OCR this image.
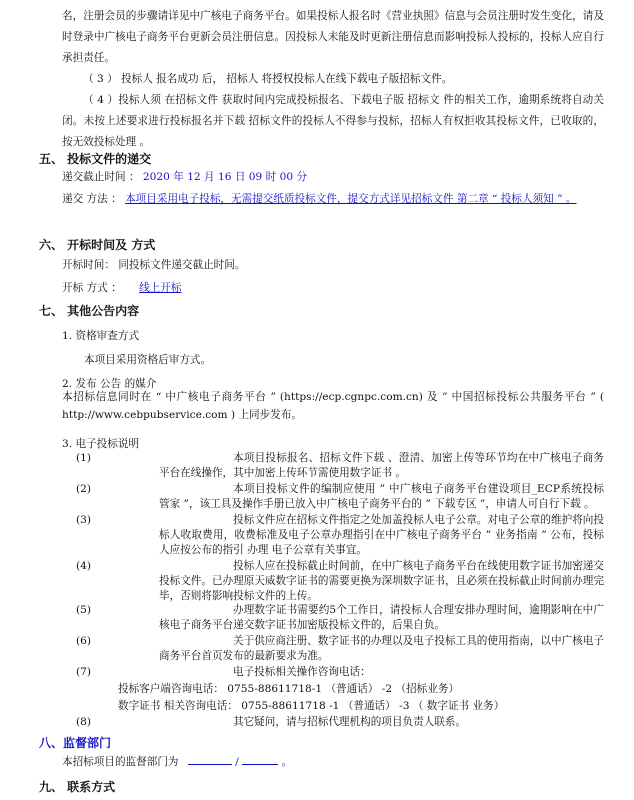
名，注册会员的步骤请详见中广核电子商务平台。如果投标人报名时《营业执照》信息与会员注册时发生变化，请及时登录中广核电子商务平台更新会员注册信息。因投标人未能及时更新注册信息而影响投标人投标的，投标人应自行承担责任。
（ 3 ） 投标人 报名成功 后， 招标人 将授权投标人在线下载电子版招标文件。
（ 4 ）投标人须 在招标文件 获取时间内完成投标报名、下载电子版 招标文 件的相关工作，逾期系统将自动关闭。未按上述要求进行投标报名并下载 招标文件的投标人不得参与投标，招标人有权拒收其投标文件，已收取的，按无效投标处理 。
五、 投标文件的递交
递交截止时间 ： 2020 年 12 月 16 日 09 时 00 分
递交 方法 ： 本项目采用电子投标，无需提交纸质投标文件，提交方式详见招标文件 第二章 “ 投标人须知 ” 。
六、 开标时间及 方式
开标时间： 同投标文件递交截止时间。
开标 方式 ： 线上开标
七、 其他公告内容
1. 资格审查方式
本项目采用资格后审方式。
2. 发布 公告 的媒介
本招标信息同时在 “ 中广核电子商务平台 ” (https://ecp.cgnpc.com.cn) 及 ” 中国招标投标公共服务平台 ” ( http://www.cebpubservice.com ) 上同步发布。
3. 电子投标说明
(1)	本项目投标报名、招标文件下载 、澄清、加密上传等环节均在中广核电子商务平台在线操作，其中加密上传环节需使用数字证书 。
(2)	本项目投标文件的编制应使用 ” 中广核电子商务平台建设项目_ECP系统投标 管家 ”，该工具及操作手册已放入中广核电子商务平台的 ” 下载专区 ”，申请人可自行下载 。
(3)	投标文件应在招标文件指定之处加盖投标人电子公章。对电子公章的维护将向投标人收取费用，收费标准及电子公章办理指引在中广核电子商务平台 ” 业务指南 ” 公布，投标人应按公布的指引 办理 电子公章有关事宜。
(4)	投标人应在投标截止时间前，在中广核电子商务平台在线使用数字证书加密递交投标文件。已办理原天威数字证书的需要更换为深圳数字证书，且必须在投标截止时间前办理完毕，否则将影响投标文件的上传。
(5)	办理数字证书需要约5个工作日，请投标人合理安排办理时间，逾期影响在中广核电子商务平台递交数字证书加密版投标文件的，后果自负。
(6)	关于供应商注册、数字证书的办理以及电子投标工具的使用指南，以中广核电子商务平台首页发布的最新要求为准。
(7)	电子投标相关操作咨询电话：
投标客户端咨询电话： 0755-88611718-1 （普通话） -2 （招标业务）
数字证书 相关咨询电话： 0755-88611718 -1 （普通话） -3 （ 数字证书 业务）
(8)	其它疑问，请与招标代理机构的项目负责人联系。
八、监督部门
本招标项目的监督部门为	/	。
九、 联系方式
